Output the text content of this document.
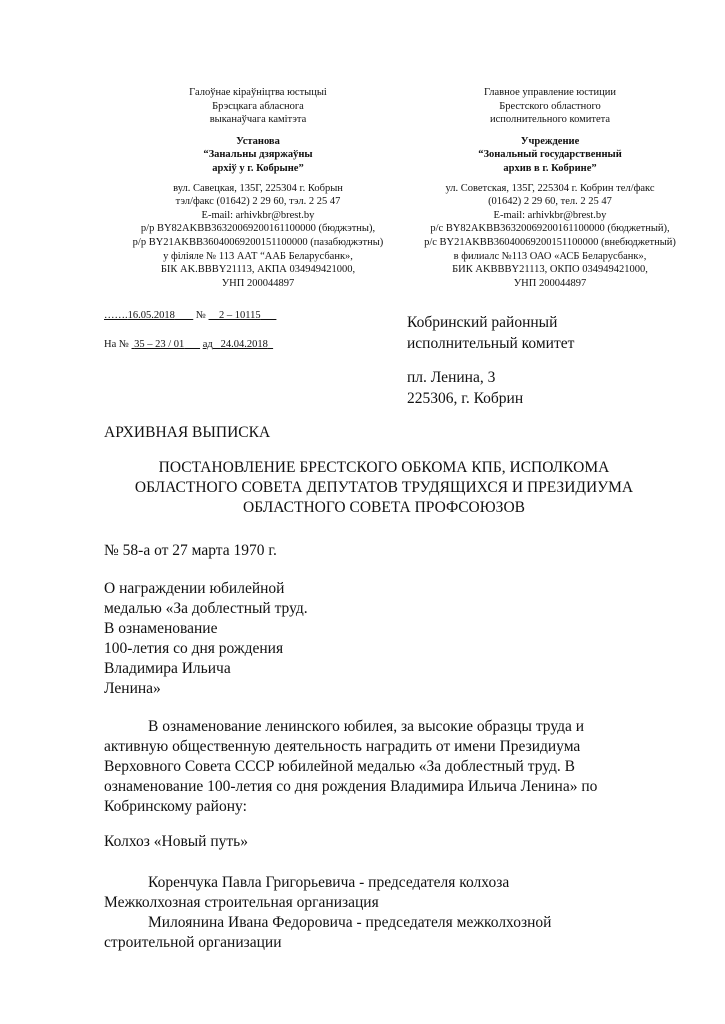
Галоўнае кіраўніцтва юстыцыі
Брэсцкага абласнога
выканаўчага камітэта
Установа
“Занальны дзяржаўны
архіў у г. Кобрыне”
вул. Савецкая, 135Г, 225304 г. Кобрын
тэл/факс (01642) 2 29 60, тэл. 2 25 47
E-mail: arhivkbr@brest.by
р/р BY82AKBB36320069200161100000 (бюджэтны),
р/р BY21AKBB36040069200151100000 (пазабюджэтны)
у філіяле № 113 ААТ “ААБ Беларусбанк»,
БІК AK.BBBY21113, АКПА 034949421000,
УНП 200044897
Главное управление юстиции
Брестского областного
исполнительного комитета
Учреждение
“Зональный государственный
архив в г. Кобрине”
ул. Советская, 135Г, 225304 г. Кобрин тел/факс
(01642) 2 29 60, тел. 2 25 47
E-mail: arhivkbr@brest.by
р/с BY82AKBB36320069200161100000 (бюджетный),
р/с BY21AKBB36040069200151100000 (внебюджетный)
в филиалс №113 ОАО «АСБ Беларусбанк»,
БИК AKBBBY21113, ОКПО 034949421000,
УНП 200044897
…….16.05.2018 № 2 – 10115
На № 35 – 23 / 01 ад 24.04.2018
Кобринский районный
исполнительный комитет
пл. Ленина, 3
225306, г. Кобрин
АРХИВНАЯ ВЫПИСКА
ПОСТАНОВЛЕНИЕ БРЕСТСКОГО ОБКОМА КПБ, ИСПОЛКОМА
ОБЛАСТНОГО СОВЕТА ДЕПУТАТОВ ТРУДЯЩИХСЯ И ПРЕЗИДИУМА
ОБЛАСТНОГО СОВЕТА ПРОФСОЮЗОВ
№ 58-а от 27 марта 1970 г.
О награждении юбилейной
медалью «За доблестный труд.
В ознаменование
100-летия со дня рождения
Владимира Ильича
Ленина»
В ознаменование ленинского юбилея, за высокие образцы труда и
активную общественную деятельность наградить от имени Президиума
Верховного Совета СССР юбилейной медалью «За доблестный труд. В
ознаменование 100-летия со дня рождения Владимира Ильича Ленина» по
Кобринскому району:
Колхоз «Новый путь»
Коренчука Павла Григорьевича - председателя колхоза
Межколхозная строительная организация
Милоянина Ивана Федоровича - председателя межколхозной
строительной организации
